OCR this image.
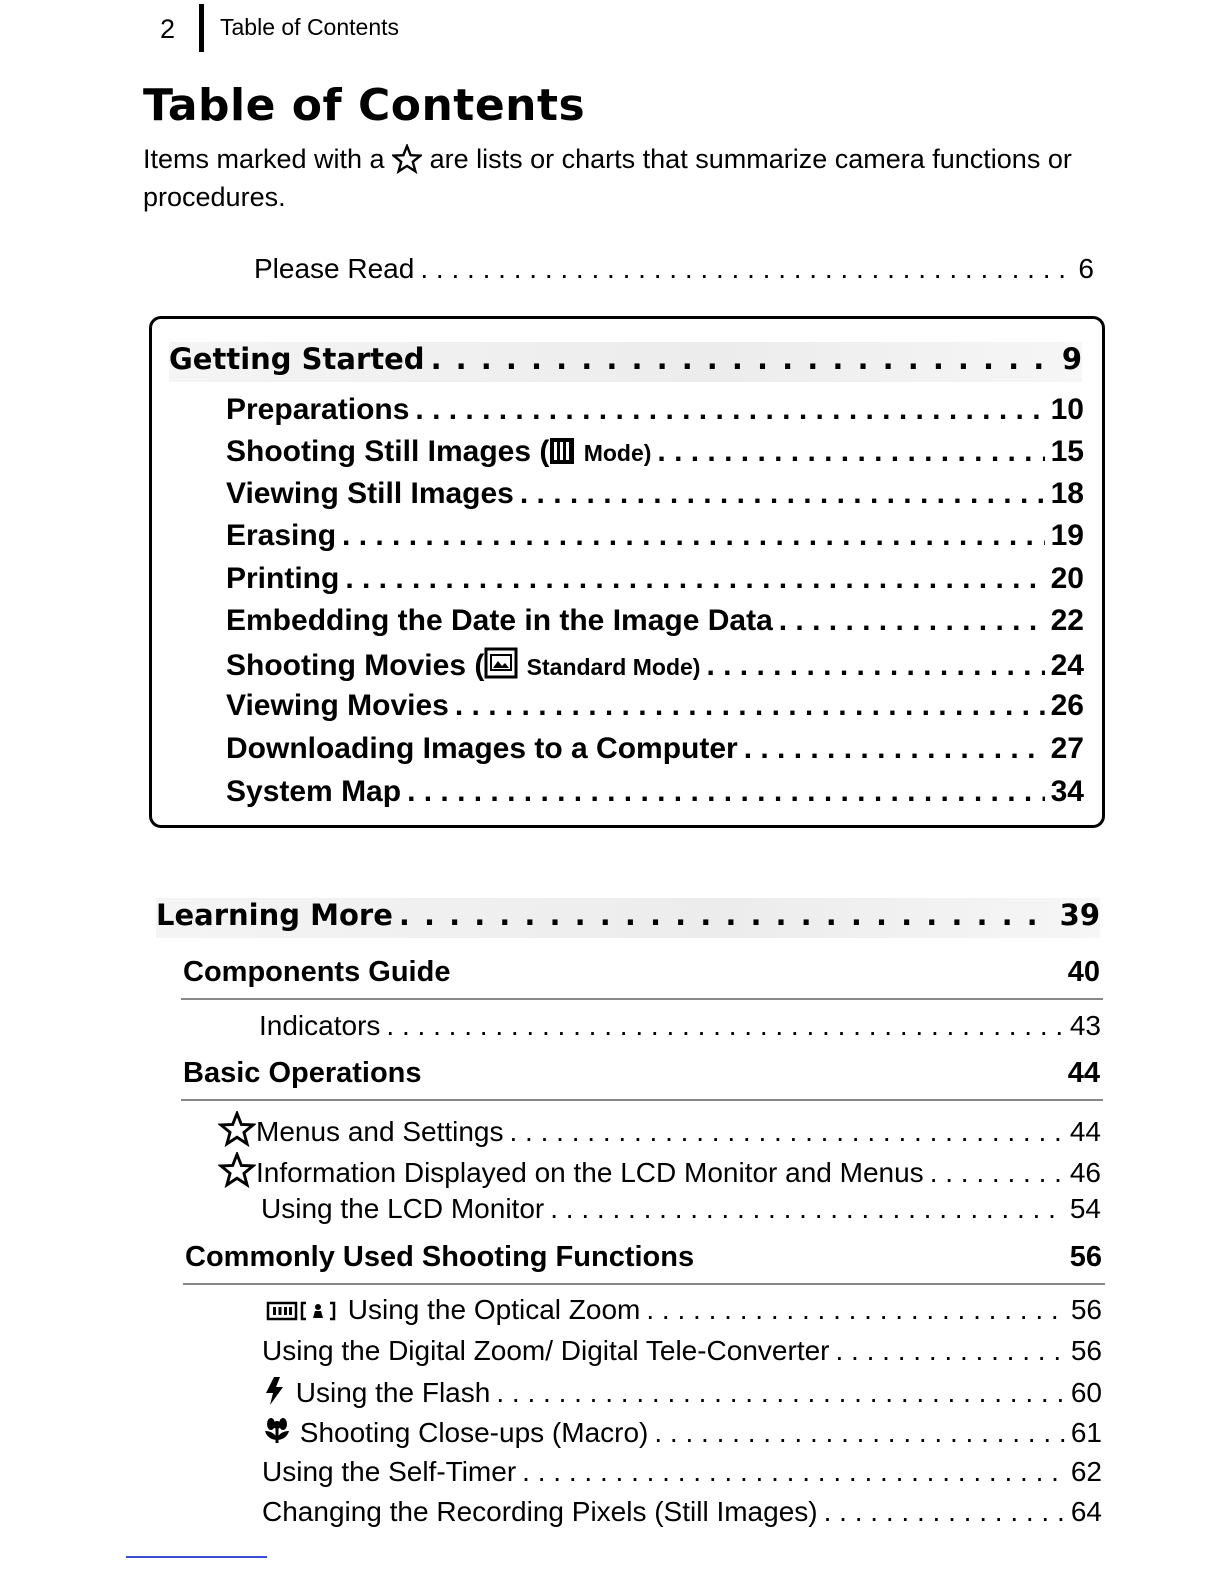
2 Table of Contents
Table of Contents

Items marked with a are lists or charts that summarize camera functions or procedures.

Please Read . . .	6
Getting Started . . .	9
Preparations . . .	10
Shooting Still Images ( Mode) . . .	15
Viewing Still Images . . .	18
Erasing . . .	19
Printing . . .	20
Embedding the Date in the Image Data . . .	22
Shooting Movies ( Standard Mode) . . .	24
Viewing Movies . . .	26
Downloading Images to a Computer . . .	27
System Map . . .	34
Learning More . . .	39
Components Guide	40
Indicators . . .	43
Basic Operations	44
Menus and Settings . . .	44
Information Displayed on the LCD Monitor and Menus . . .	46
Using the LCD Monitor . . .	54
Commonly Used Shooting Functions	56
Using the Optical Zoom . . .	56
Using the Digital Zoom/ Digital Tele-Converter . . .	56
Using the Flash . . .	60
Shooting Close-ups (Macro) . . .	61
Using the Self-Timer . . .	62
Changing the Recording Pixels (Still Images) . . .	64
